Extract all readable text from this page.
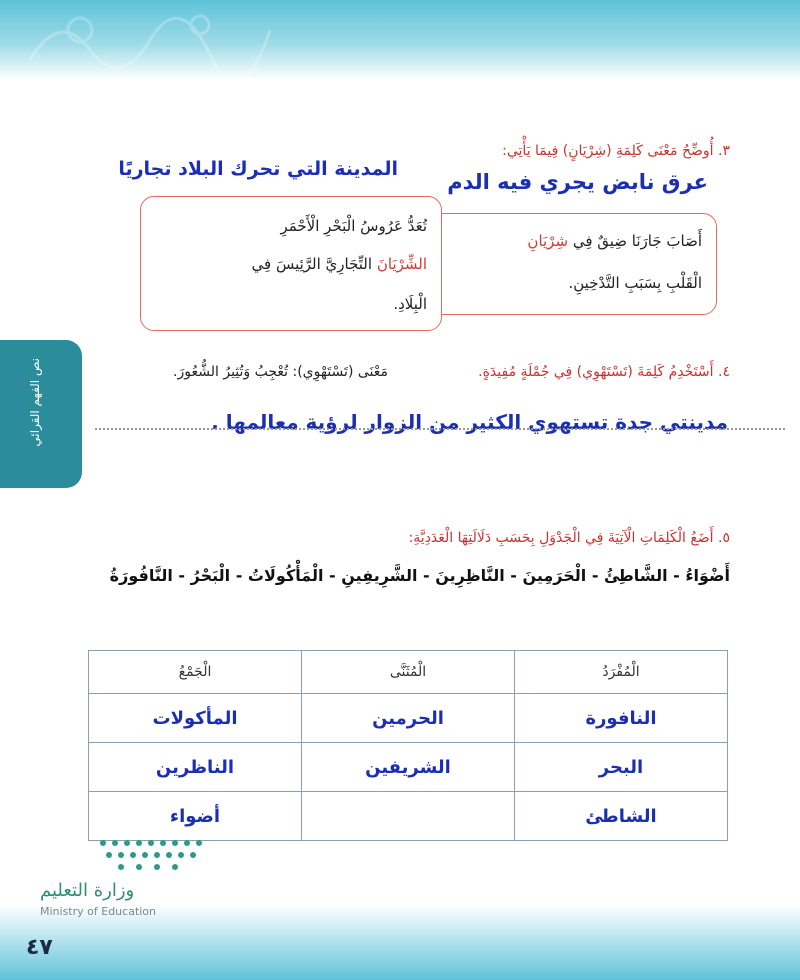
نص الفهم القرائي
٣. أُوضِّحُ مَعْنَى كَلِمَةِ (شِرْيَانٍ) فِيمَا يَأْتِي:
عرق نابض يجري فيه الدم
المدينة التي تحرك البلاد تجاريًا
أَصَابَ جَارَنَا ضِيقٌ فِي شِرْيَانِ
الْقَلْبِ بِسَبَبِ التَّدْخِينِ.
تُعَدُّ عَرُوسُ الْبَحْرِ الْأَحْمَرِ
الشِّرْيَانَ التِّجَارِيَّ الرَّئِيسَ فِي
الْبِلَادِ.
٤. أَسْتَخْدِمُ كَلِمَةَ (تَسْتَهْوِي) فِي جُمْلَةٍ مُفِيدَةٍ.
مَعْنَى (تَسْتَهْوِي): تُعْجِبُ وَتُثِيرُ الشُّعُورَ.
مدينتي جدة تستهوي الكثير من الزوار لرؤية معالمها .
٥. أَضَعُ الْكَلِمَاتِ الْآتِيَةَ فِي الْجَدْوَلِ بِحَسَبِ دَلَالَتِهَا الْعَدَدِيَّةِ:
أَضْوَاءُ - الشَّاطِئُ - الْحَرَمِينَ - النَّاظِرِينَ - الشَّرِيفِينِ - الْمَأْكُولَاتُ - الْبَحْرُ - النَّافُورَةُ
الْمُفْرَدُ	الْمُثَنَّى	الْجَمْعُ
النافورة	الحرمين	المأكولات
البحر	الشريفين	الناظرين
الشاطئ		أضواء
وزارة التعليم
Ministry of Education
٤٧
